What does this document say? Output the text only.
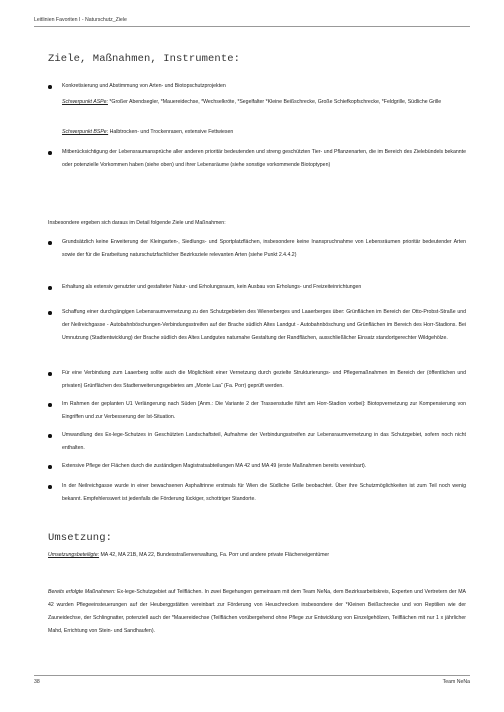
Leitlinien Favoriten I - Naturschutz_Ziele
Ziele, Maßnahmen, Instrumente:
Konkretisierung und Abstimmung von Arten- und Biotopschutzprojekten
Schwerpunkt ASPe: *Großer Abendsegler, *Mauereidechse, *Wechselkröte, *Segelfalter *Kleine Beißschrecke, Große Schiefkopfschrecke, *Feldgrille, Südliche Grille
Schwerpunkt BSPe: Halbtrocken- und Trockenrasen, extensive Fettwiesen
Mitberücksichtigung der Lebensraumansprüche aller anderen prioritär bedeutenden und streng geschützten Tier- und Pflanzenarten, die im Bereich des Zielebündels bekannte oder potenzielle Vorkommen haben (siehe oben) und ihrer Lebensräume (siehe sonstige vorkommende Biotoptypen)
Insbesondere ergeben sich daraus im Detail folgende Ziele und Maßnahmen:
Grundsätzlich keine Erweiterung der Kleingarten-, Siedlungs- und Sportplatzflächen, insbesondere keine Inanspruchnahme von Lebensräumen prioritär bedeutender Arten sowie der für die Erarbeitung naturschutzfachlicher Bezirksziele relevanten Arten (siehe Punkt 2.4.4.2)
Erhaltung als extensiv genutzter und gestalteter Natur- und Erholungsraum, kein Ausbau von Erholungs- und Freizeiteinrichtungen
Schaffung einer durchgängigen Lebensraumvernetzung zu den Schutzgebieten des Wienerberges und Laaerberges über: Grünflächen im Bereich der Otto-Probst-Straße und der Neilreichgasse - Autobahnböschungen-Verbindungsstreifen auf der Brache südlich Altes Landgut - Autobahnböschung und Grünflächen im Bereich des Horr-Stadions. Bei Umnutzung (Stadtentwicklung) der Brache südlich des Altes Landgutes naturnahe Gestaltung der Randflächen, ausschließlicher Einsatz standortgerechter Wildgehölze.
Für eine Verbindung zum Laaerberg sollte auch die Möglichkeit einer Vernetzung durch gezielte Strukturierungs- und Pflegemaßnahmen im Bereich der (öffentlichen und privaten) Grünflächen des Stadterweiterungsgebietes am „Monte Laa“ (Fa. Porr) geprüft werden.
Im Rahmen der geplanten U1 Verlängerung nach Süden [Anm.: Die Variante 2 der Trassenstudie führt am Horr-Stadion vorbei]: Biotopvernetzung zur Kompensierung von Eingriffen und zur Verbesserung der Ist-Situation.
Umwandlung des Ex-lege-Schutzes in Geschützten Landschaftsteil, Aufnahme der Verbindungsstreifen zur Lebensraumvernetzung in das Schutzgebiet, sofern noch nicht enthalten.
Extensive Pflege der Flächen durch die zuständigen Magistratsabteilungen MA 42 und MA 49 (erste Maßnahmen bereits vereinbart).
In der Neilreichgasse wurde in einer bewachsenen Asphaltrinne erstmals für Wien die Südliche Grille beobachtet. Über ihre Schutzmöglichkeiten ist zum Teil noch wenig bekannt. Empfehlenswert ist jedenfalls die Förderung lückiger, schottriger Standorte.
Umsetzung:
Umsetzungsbeteiligte: MA 42, MA 21B, MA 22, Bundesstraßenverwaltung, Fa. Porr und andere private Flächeneigentümer
Bereits erfolgte Maßnahmen: Ex-lege-Schutzgebiet auf Teilflächen. In zwei Begehungen gemeinsam mit dem Team NeNa, dem Bezirksarbeitskreis, Experten und Vertretern der MA 42 wurden Pflegeeinsteuerungen auf der Heuberggstätten vereinbart zur Förderung von Heuschrecken insbesondere der *Kleinen Beißschrecke und von Reptilien wie der Zauneidechse, der Schlingnatter, potenziell auch der *Mauereidechse (Teilflächen vorübergehend ohne Pflege zur Entwicklung von Einzelgehölzen, Teilflächen mit nur 1 x jährlicher Mahd, Errichtung von Stein- und Sandhaufen).
38	Team NeNa
